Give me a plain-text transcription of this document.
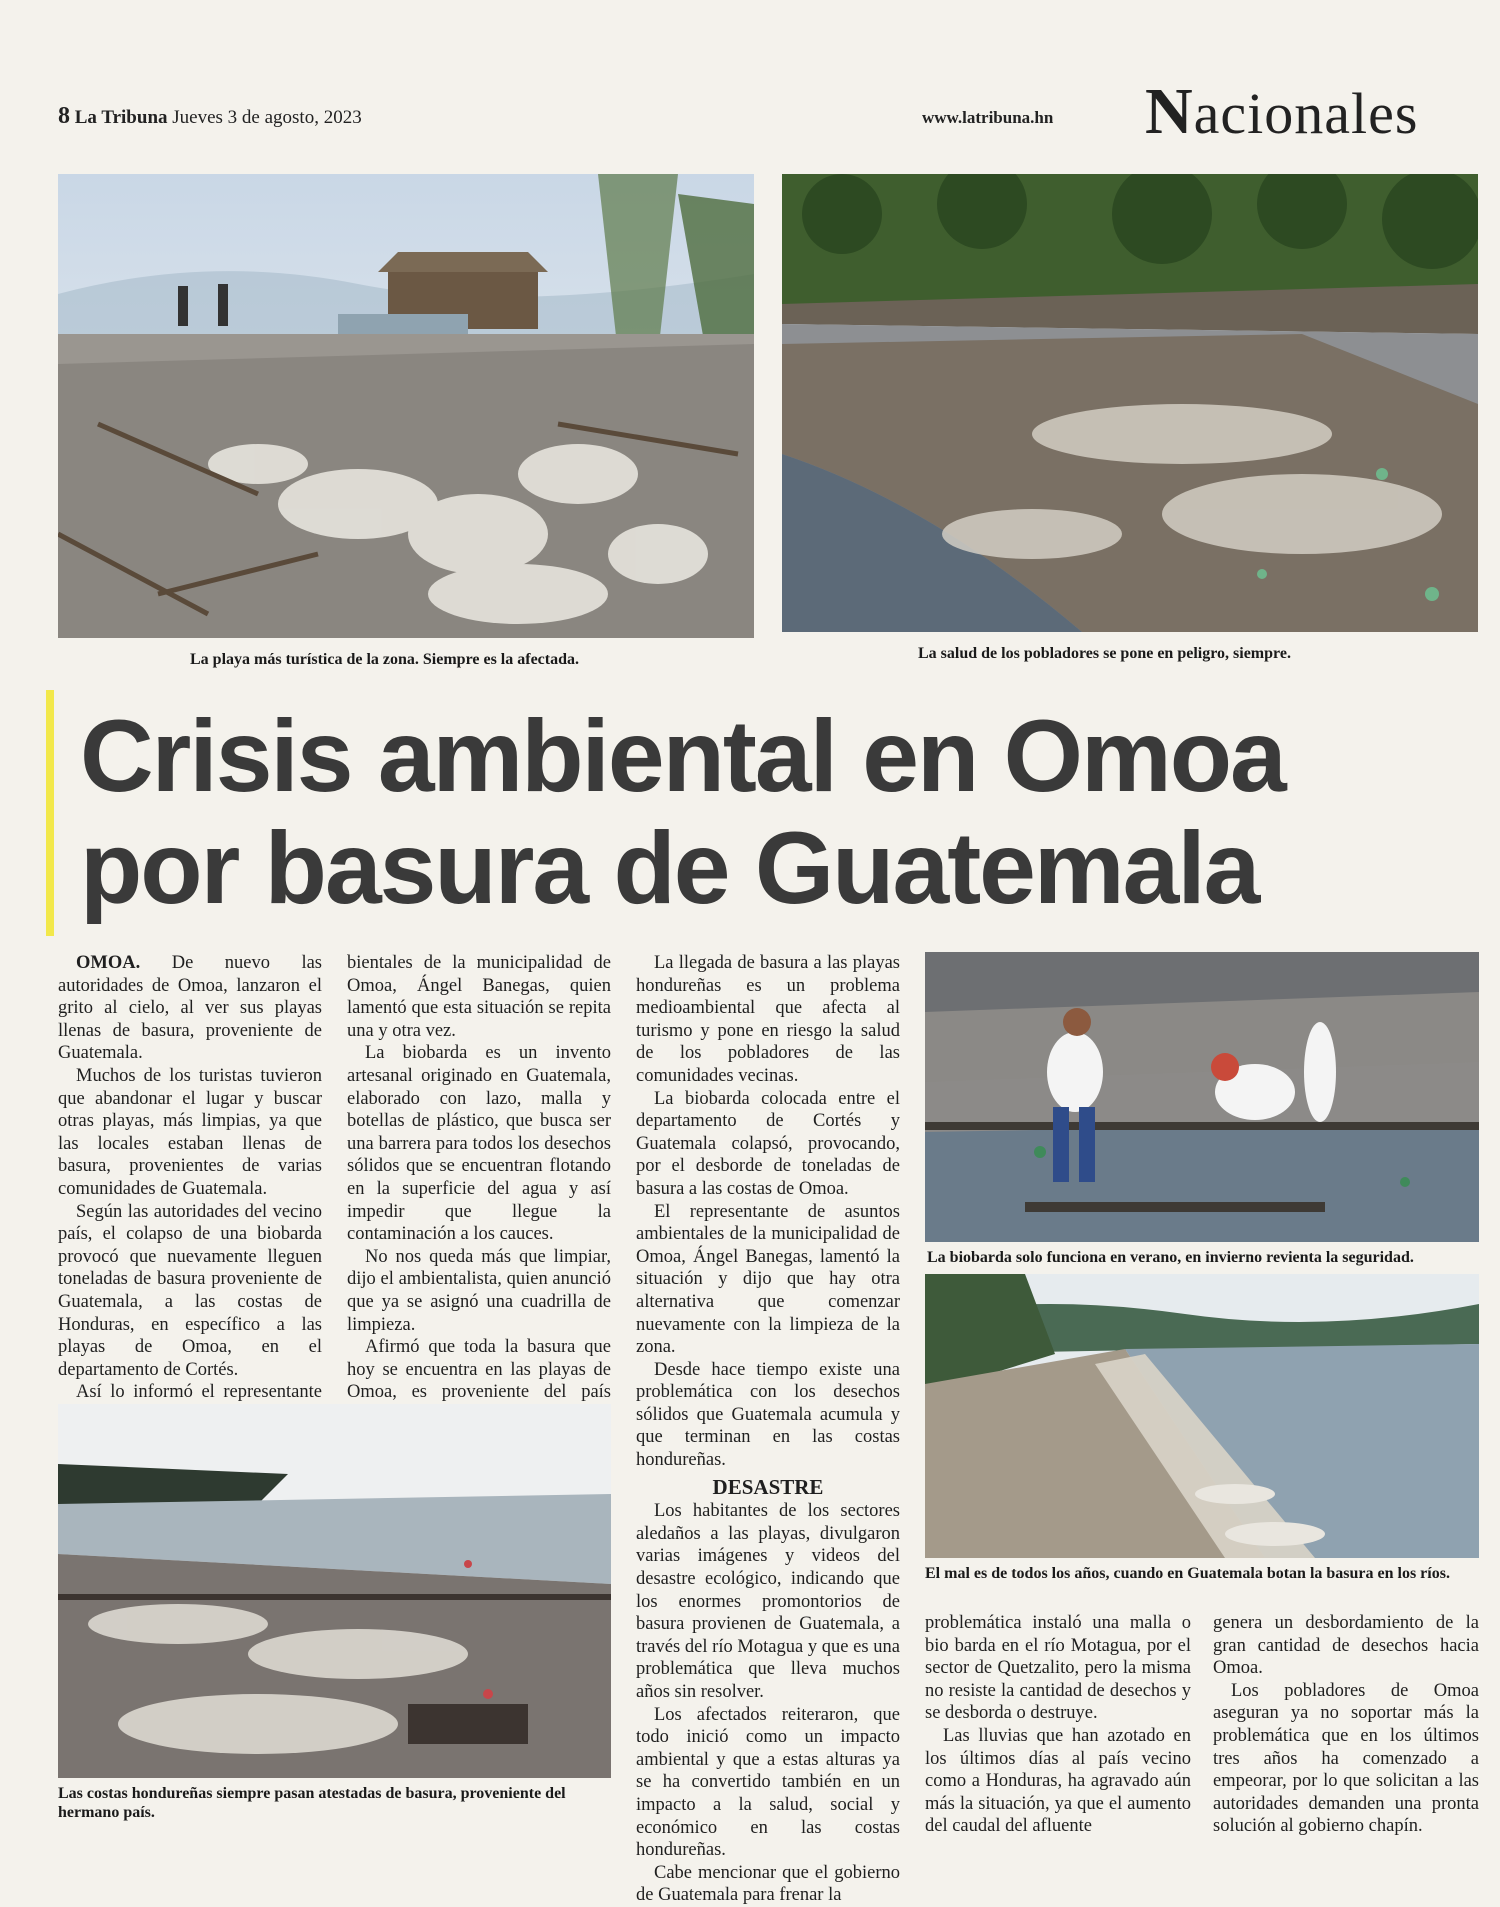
8 La Tribuna Jueves 3 de agosto, 2023	www.latribuna.hn Nacionales
La playa más turística de la zona. Siempre es la afectada.	La salud de los pobladores se pone en peligro, siempre.
Crisis ambiental en Omoa
por basura de Guatemala

OMOA. De nuevo las autoridades de Omoa, lanzaron el grito al cielo, al ver sus playas llenas de basura, proveniente de Guatemala.

Muchos de los turistas tuvieron que abandonar el lugar y buscar otras playas, más limpias, ya que las locales estaban llenas de basura, provenientes de varias comunidades de Guatemala.

Según las autoridades del vecino país, el colapso de una biobarda provocó que nuevamente lleguen toneladas de basura proveniente de Guatemala, a las costas de Honduras, en específico a las playas de Omoa, en el departamento de Cortés.

Así lo informó el representante

bientales de la municipalidad de Omoa, Ángel Banegas, quien lamentó que esta situación se repita una y otra vez.

La biobarda es un invento artesanal originado en Guatemala, elaborado con lazo, malla y botellas de plástico, que busca ser una barrera para todos los desechos sólidos que se encuentran flotando en la superficie del agua y así impedir que llegue la contaminación a los cauces.

No nos queda más que limpiar, dijo el ambientalista, quien anunció que ya se asignó una cuadrilla de limpieza.

Afirmó que toda la basura que hoy se encuentra en las playas de Omoa, es proveniente del país

La llegada de basura a las playas hondureñas es un problema medioambiental que afecta al turismo y pone en riesgo la salud de los pobladores de las comunidades vecinas.

La biobarda colocada entre el departamento de Cortés y Guatemala colapsó, provocando, por el desborde de toneladas de basura a las costas de Omoa.

El representante de asuntos ambientales de la municipalidad de Omoa, Ángel Banegas, lamentó la situación y dijo que hay otra alternativa que comenzar nuevamente con la limpieza de la zona.

Desde hace tiempo existe una problemática con los desechos sólidos que Guatemala acumula y que terminan en las costas hondureñas.

DESASTRE

Los habitantes de los sectores aledaños a las playas, divulgaron varias imágenes y videos del desastre ecológico, indicando que los enormes promontorios de basura provienen de Guatemala, a través del río Motagua y que es una problemática que lleva muchos años sin resolver.

Los afectados reiteraron, que todo inició como un impacto ambiental y que a estas alturas ya se ha convertido también en un impacto a la salud, social y económico en las costas hondureñas.

Cabe mencionar que el gobierno de Guatemala para frenar la

La biobarda solo funciona en verano, en invierno revienta la seguridad.
El mal es de todos los años, cuando en Guatemala botan la basura en los ríos.
Las costas hondureñas siempre pasan atestadas de basura, proveniente del hermano país.

problemática instaló una malla o bio barda en el río Motagua, por el sector de Quetzalito, pero la misma no resiste la cantidad de desechos y se desborda o destruye.

Las lluvias que han azotado en los últimos días al país vecino como a Honduras, ha agravado aún más la situación, ya que el aumento del caudal del afluente

genera un desbordamiento de la gran cantidad de desechos hacia Omoa.

Los pobladores de Omoa aseguran ya no soportar más la problemática que en los últimos tres años ha comenzado a empeorar, por lo que solicitan a las autoridades demanden una pronta solución al gobierno chapín.
